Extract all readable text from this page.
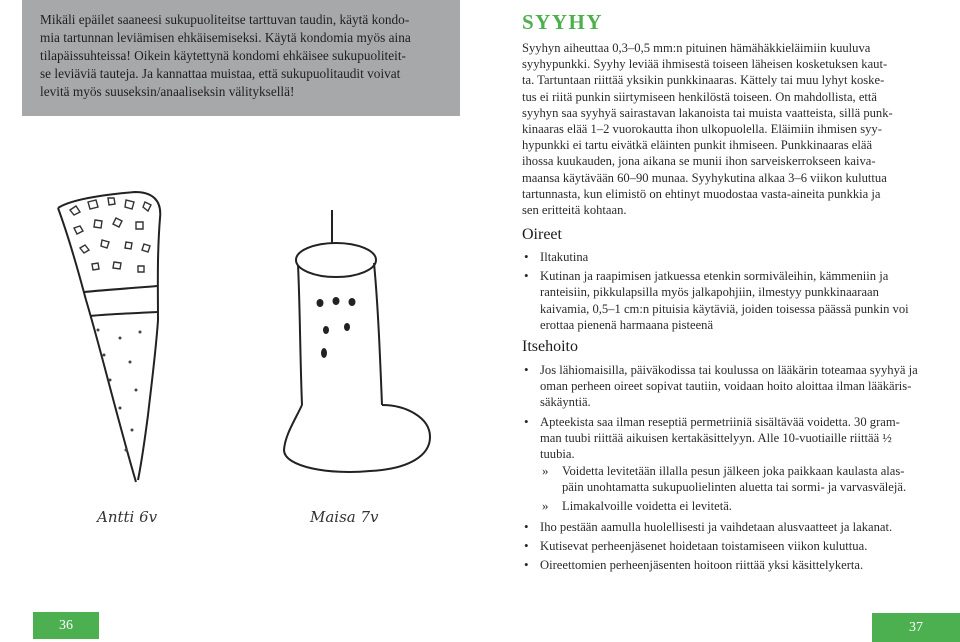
Mikäli epäilet saaneesi sukupuoliteitse tarttuvan taudin, käytä kondo-
mia tartunnan leviämisen ehkäisemiseksi. Käytä kondomia myös aina
tilapäissuhteissa! Oikein käytettynä kondomi ehkäisee sukupuoliteit-
se leviäviä tauteja. Ja kannattaa muistaa, että sukupuolitaudit voivat
levitä myös suuseksin/anaaliseksin välityksellä!

Antti 6v	Maisa 7v
SYYHY
Syyhyn aiheuttaa 0,3–0,5 mm:n pituinen hämähäkkieläimiin kuuluva
syyhypunkki. Syyhy leviää ihmisestä toiseen läheisen kosketuksen kaut-
ta. Tartuntaan riittää yksikin punkkinaaras. Kättely tai muu lyhyt koske-
tus ei riitä punkin siirtymiseen henkilöstä toiseen. On mahdollista, että
syyhyn saa syyhyä sairastavan lakanoista tai muista vaatteista, sillä punk-
kinaaras elää 1–2 vuorokautta ihon ulkopuolella. Eläimiin ihmisen syy-
hypunkki ei tartu eivätkä eläinten punkit ihmiseen. Punkkinaaras elää
ihossa kuukauden, jona aikana se munii ihon sarveiskerrokseen kaiva-
maansa käytävään 60–90 munaa. Syyhykutina alkaa 3–6 viikon kuluttua
tartunnasta, kun elimistö on ehtinyt muodostaa vasta-aineita punkkia ja
sen eritteitä kohtaan.
Oireet
• Iltakutina
• Kutinan ja raapimisen jatkuessa etenkin sormiväleihin, kämmeniin ja
ranteisiin, pikkulapsilla myös jalkapohjiin, ilmestyy punkkinaaraan
kaivamia, 0,5–1 cm:n pituisia käytäviä, joiden toisessa päässä punkin voi
erottaa pienenä harmaana pisteenä
Itsehoito
• Jos lähiomaisilla, päiväkodissa tai koulussa on lääkärin toteamaa syyhyä ja
oman perheen oireet sopivat tautiin, voidaan hoito aloittaa ilman lääkäris-
säkäyntiä.
• Apteekista saa ilman reseptiä permetriiniä sisältävää voidetta. 30 gram-
man tuubi riittää aikuisen kertakäsittelyyn. Alle 10-vuotiaille riittää ½
tuubia.
» Voidetta levitetään illalla pesun jälkeen joka paikkaan kaulasta alas-
päin unohtamatta sukupuolielinten aluetta tai sormi- ja varvasvälejä.
» Limakalvoille voidetta ei levitetä.
• Iho pestään aamulla huolellisesti ja vaihdetaan alusvaatteet ja lakanat.
• Kutisevat perheenjäsenet hoidetaan toistamiseen viikon kuluttua.
• Oireettomien perheenjäsenten hoitoon riittää yksi käsittelykerta.
36	37
